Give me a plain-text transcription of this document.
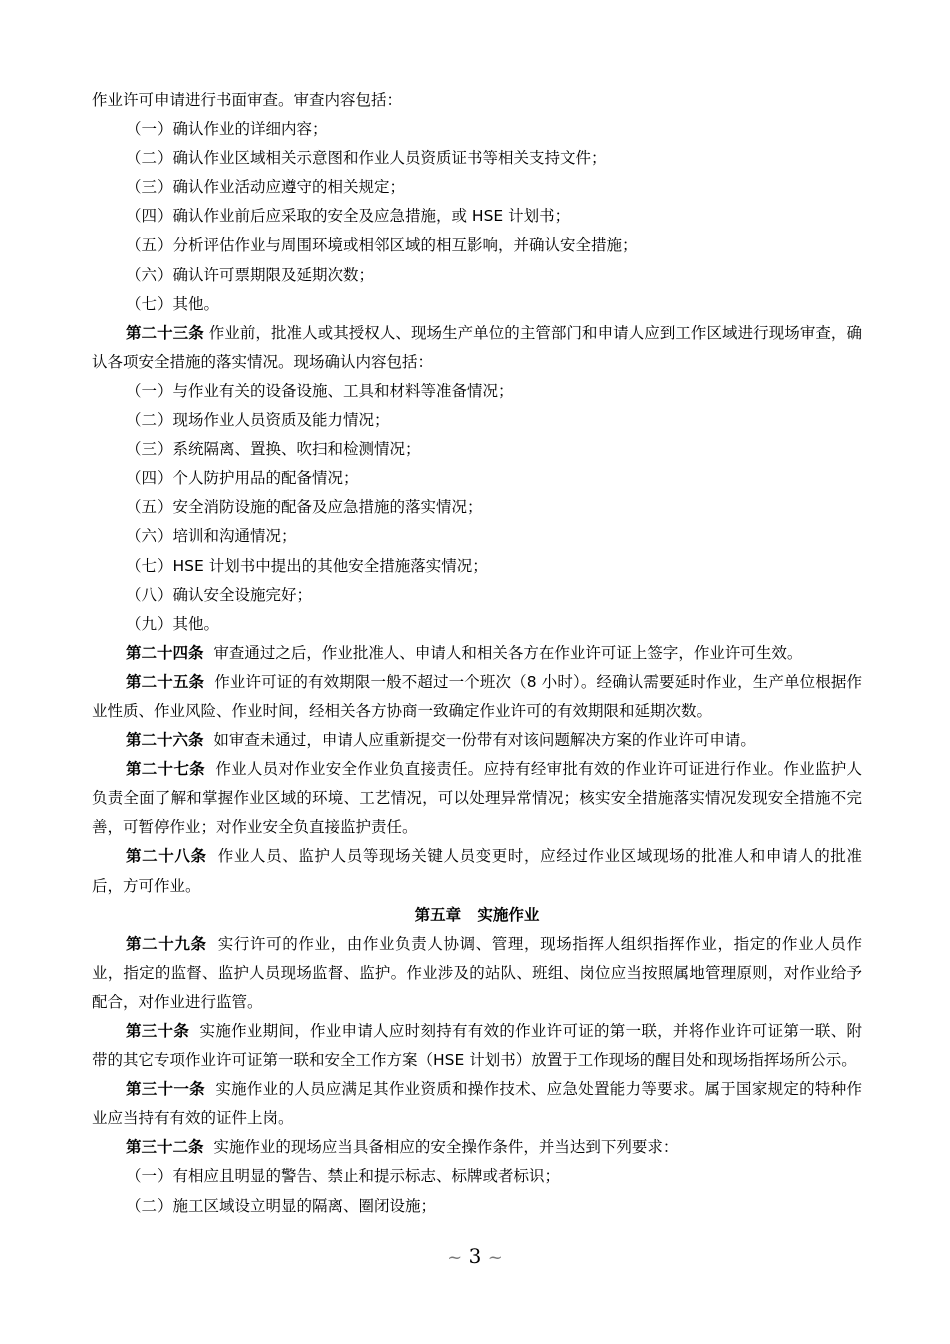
作业许可申请进行书面审查。审查内容包括：

（一）确认作业的详细内容；

（二）确认作业区域相关示意图和作业人员资质证书等相关支持文件；

（三）确认作业活动应遵守的相关规定；

（四）确认作业前后应采取的安全及应急措施，或 HSE 计划书；

（五）分析评估作业与周围环境或相邻区域的相互影响，并确认安全措施；

（六）确认许可票期限及延期次数；

（七）其他。

第二十三条 作业前，批准人或其授权人、现场生产单位的主管部门和申请人应到工作区域进行现场审查，确认各项安全措施的落实情况。现场确认内容包括：

（一）与作业有关的设备设施、工具和材料等准备情况；

（二）现场作业人员资质及能力情况；

（三）系统隔离、置换、吹扫和检测情况；

（四）个人防护用品的配备情况；

（五）安全消防设施的配备及应急措施的落实情况；

（六）培训和沟通情况；

（七）HSE 计划书中提出的其他安全措施落实情况；

（八）确认安全设施完好；

（九）其他。

第二十四条 审查通过之后，作业批准人、申请人和相关各方在作业许可证上签字，作业许可生效。

第二十五条 作业许可证的有效期限一般不超过一个班次（8 小时）。经确认需要延时作业，生产单位根据作业性质、作业风险、作业时间，经相关各方协商一致确定作业许可的有效期限和延期次数。

第二十六条 如审查未通过，申请人应重新提交一份带有对该问题解决方案的作业许可申请。

第二十七条 作业人员对作业安全作业负直接责任。应持有经审批有效的作业许可证进行作业。作业监护人负责全面了解和掌握作业区域的环境、工艺情况，可以处理异常情况；核实安全措施落实情况发现安全措施不完善，可暂停作业；对作业安全负直接监护责任。

第二十八条 作业人员、监护人员等现场关键人员变更时，应经过作业区域现场的批准人和申请人的批准后，方可作业。

第五章 实施作业

第二十九条 实行许可的作业，由作业负责人协调、管理，现场指挥人组织指挥作业，指定的作业人员作业，指定的监督、监护人员现场监督、监护。作业涉及的站队、班组、岗位应当按照属地管理原则，对作业给予配合，对作业进行监管。

第三十条 实施作业期间，作业申请人应时刻持有有效的作业许可证的第一联，并将作业许可证第一联、附带的其它专项作业许可证第一联和安全工作方案（HSE 计划书）放置于工作现场的醒目处和现场指挥场所公示。

第三十一条 实施作业的人员应满足其作业资质和操作技术、应急处置能力等要求。属于国家规定的特种作业应当持有有效的证件上岗。

第三十二条 实施作业的现场应当具备相应的安全操作条件，并当达到下列要求：

（一）有相应且明显的警告、禁止和提示标志、标牌或者标识；

（二）施工区域设立明显的隔离、圈闭设施；

~ 3 ~
